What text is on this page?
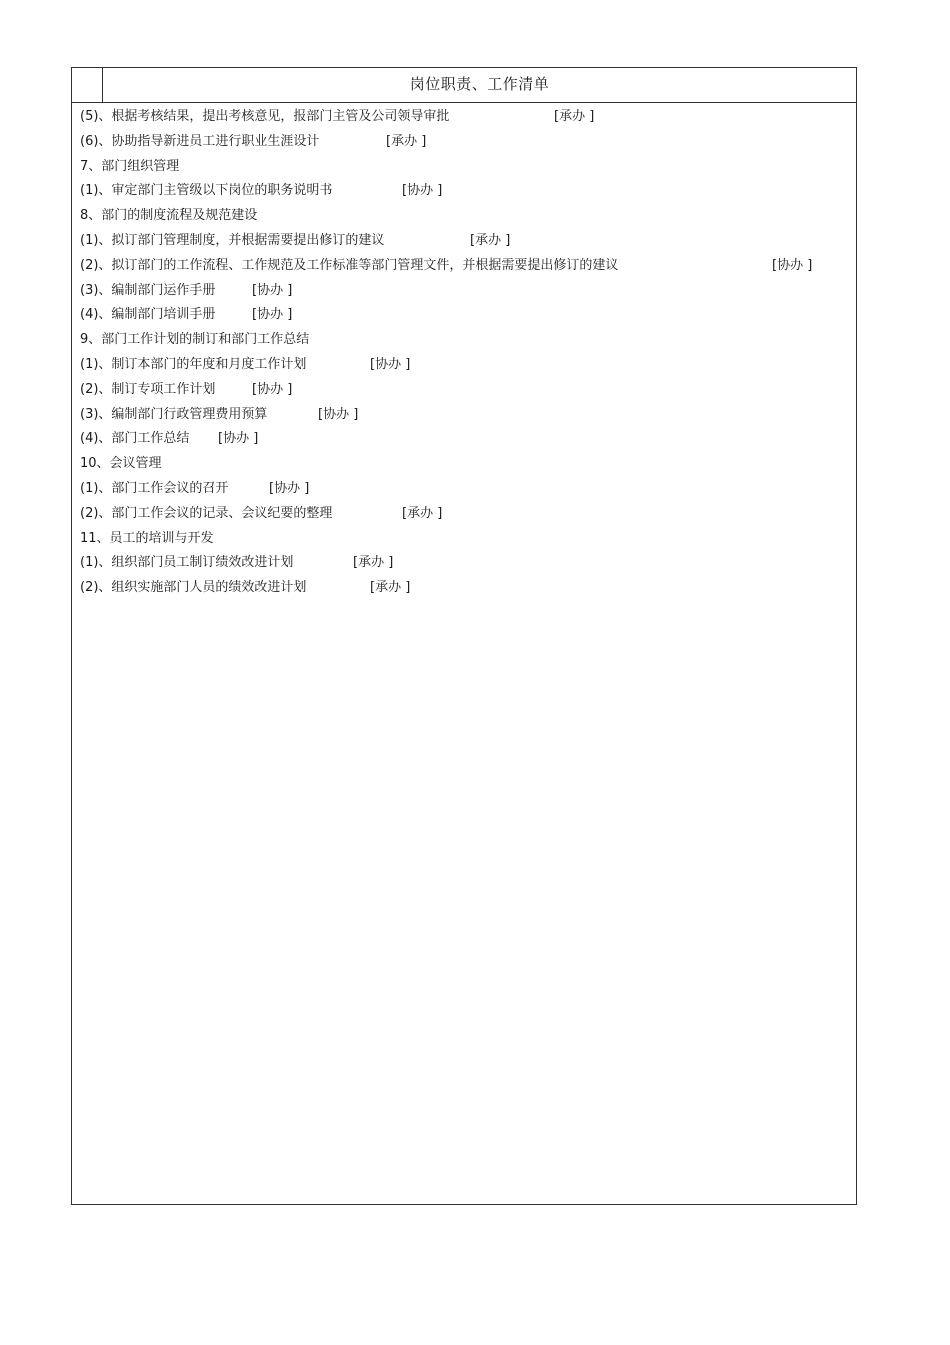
岗位职责、工作清单
(5)、根据考核结果，提出考核意见，报部门主管及公司领导审批	[承办 ]
(6)、协助指导新进员工进行职业生涯设计	[承办 ]
7、部门组织管理
(1)、审定部门主管级以下岗位的职务说明书	[协办 ]
8、部门的制度流程及规范建设
(1)、拟订部门管理制度，并根据需要提出修订的建议	[承办 ]
(2)、拟订部门的工作流程、工作规范及工作标准等部门管理文件，并根据需要提出修订的建议	[协办 ]
(3)、编制部门运作手册	[协办 ]
(4)、编制部门培训手册	[协办 ]
9、部门工作计划的制订和部门工作总结
(1)、制订本部门的年度和月度工作计划	[协办 ]
(2)、制订专项工作计划	[协办 ]
(3)、编制部门行政管理费用预算	[协办 ]
(4)、部门工作总结 [协办 ]
10、会议管理
(1)、部门工作会议的召开	[协办 ]
(2)、部门工作会议的记录、会议纪要的整理	[承办 ]
11、员工的培训与开发
(1)、组织部门员工制订绩效改进计划	[承办 ]
(2)、组织实施部门人员的绩效改进计划	[承办 ]
